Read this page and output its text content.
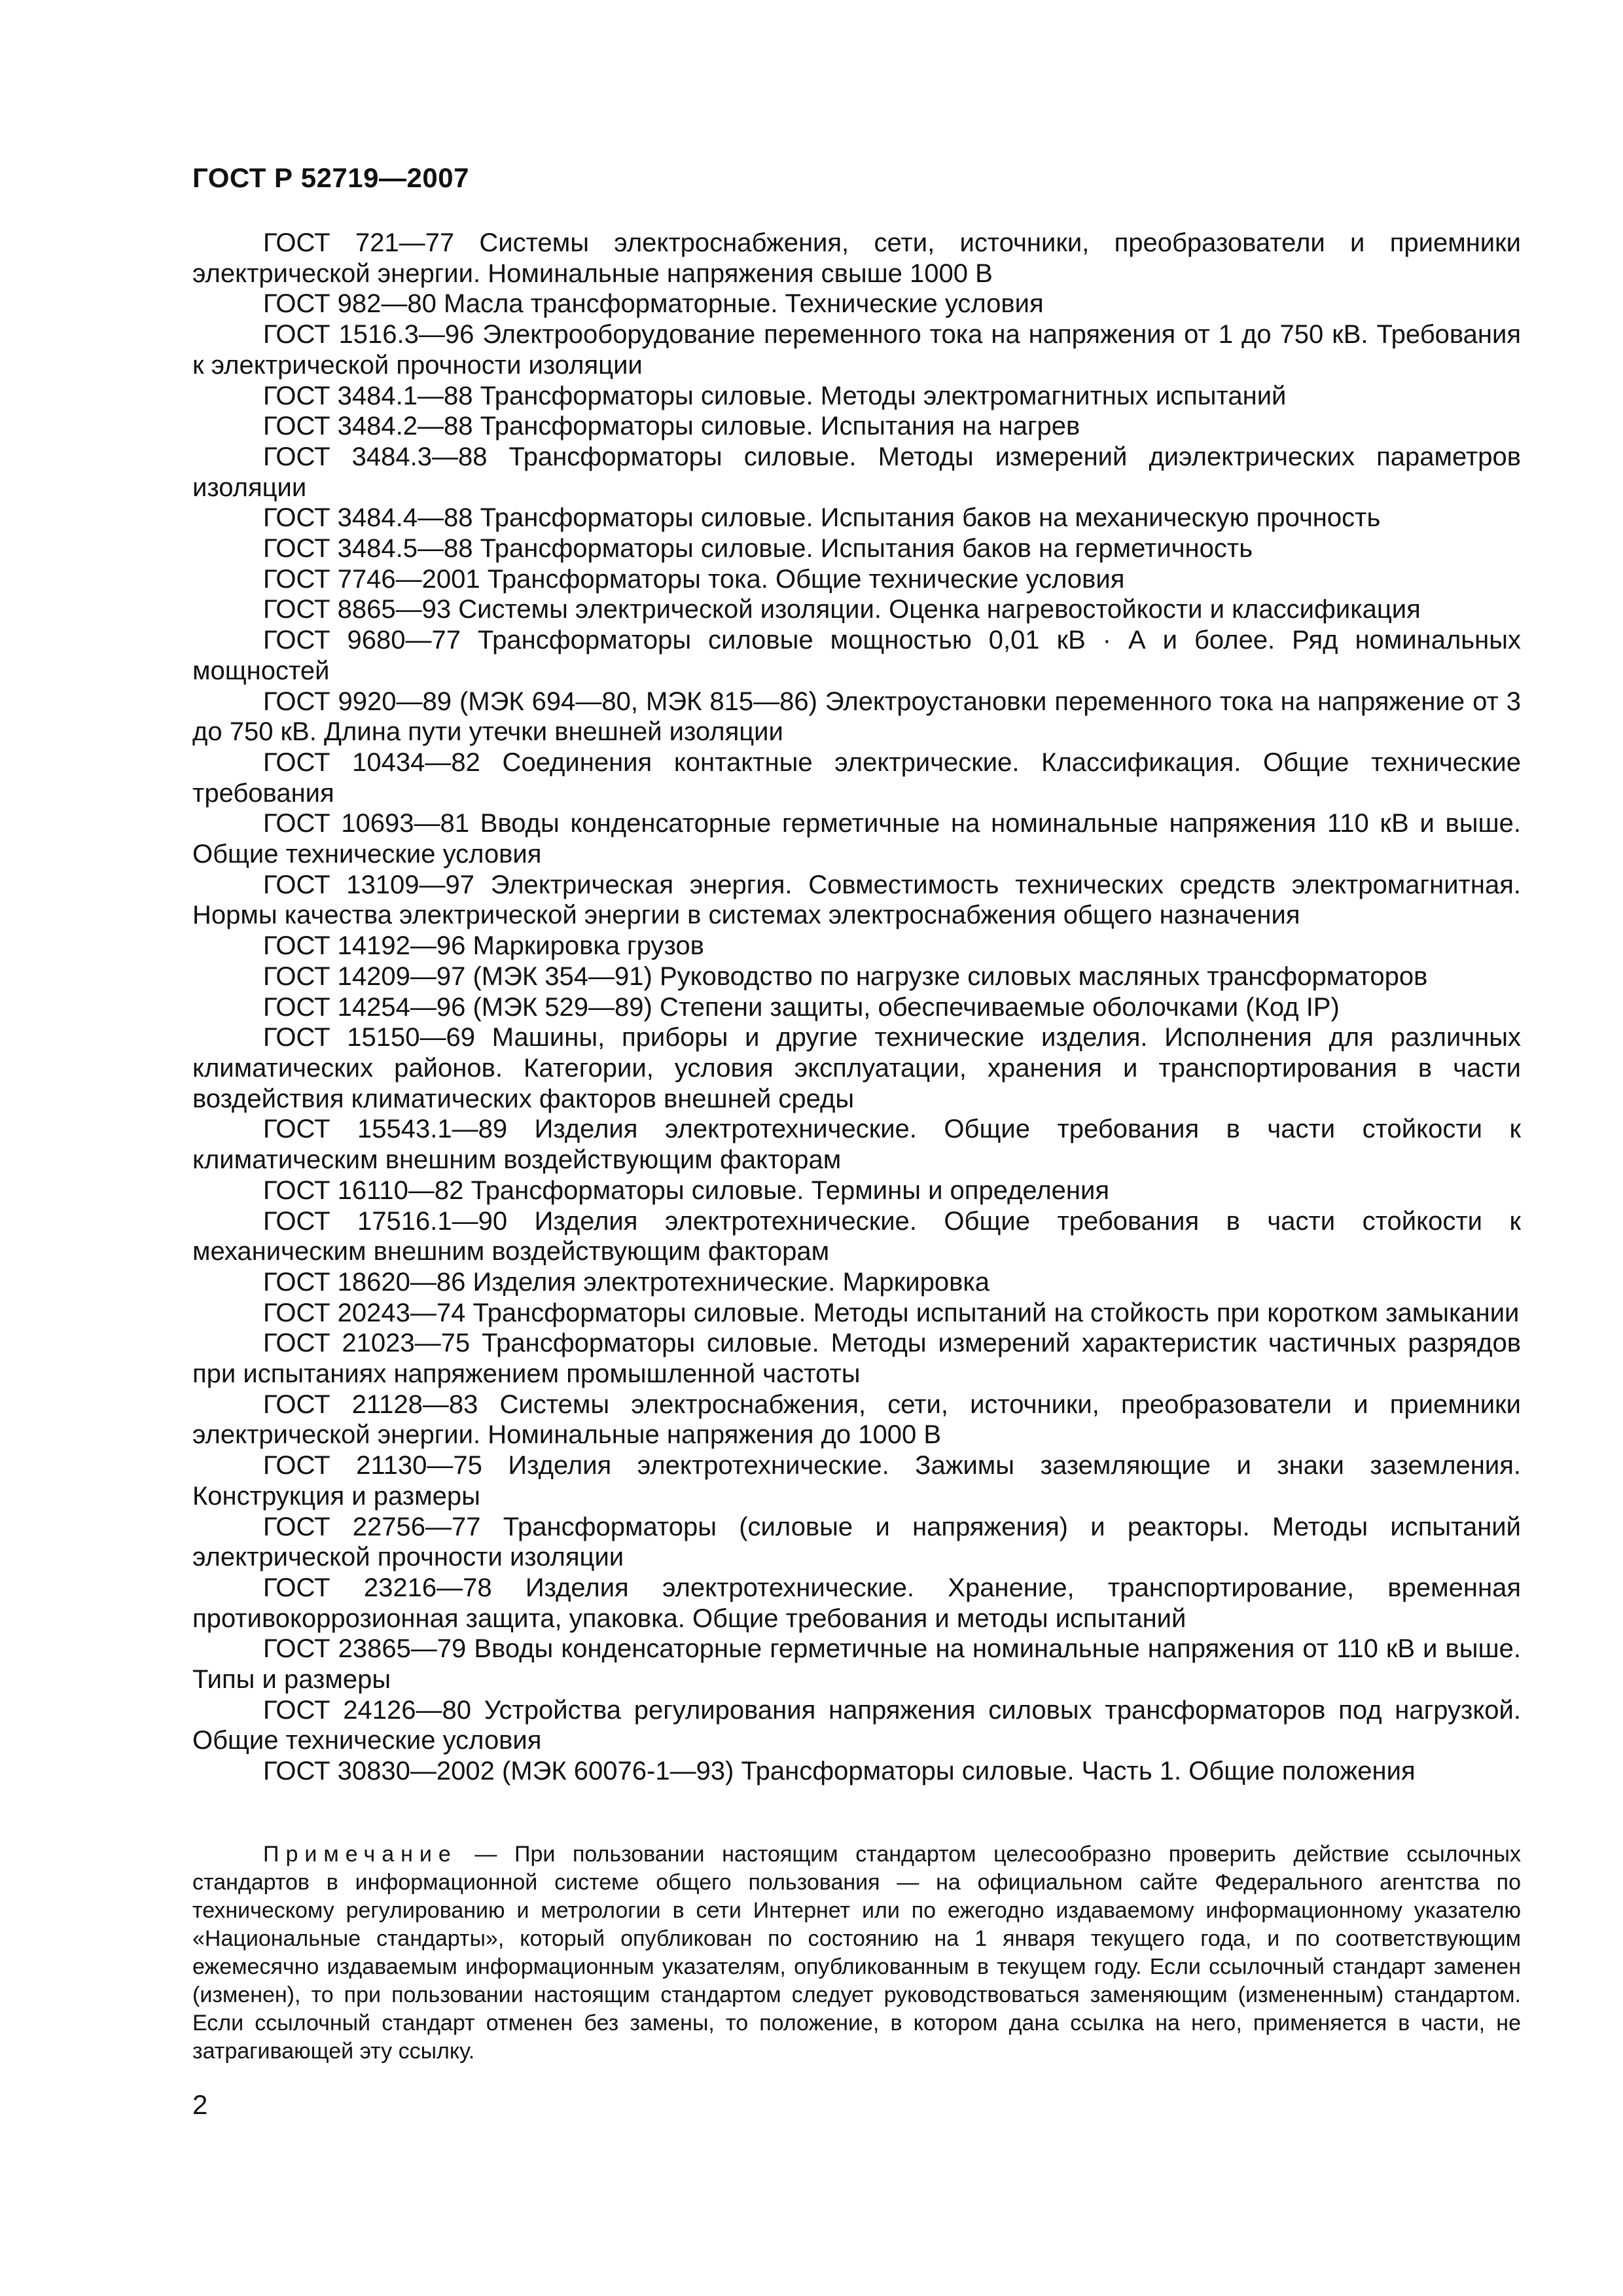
ГОСТ Р 52719—2007

ГОСТ 721—77 Системы электроснабжения, сети, источники, преобразователи и приемники электрической энергии. Номинальные напряжения свыше 1000 В

ГОСТ 982—80 Масла трансформаторные. Технические условия

ГОСТ 1516.3—96 Электрооборудование переменного тока на напряжения от 1 до 750 кВ. Требования к электрической прочности изоляции

ГОСТ 3484.1—88 Трансформаторы силовые. Методы электромагнитных испытаний

ГОСТ 3484.2—88 Трансформаторы силовые. Испытания на нагрев

ГОСТ 3484.3—88 Трансформаторы силовые. Методы измерений диэлектрических параметров изоляции

ГОСТ 3484.4—88 Трансформаторы силовые. Испытания баков на механическую прочность

ГОСТ 3484.5—88 Трансформаторы силовые. Испытания баков на герметичность

ГОСТ 7746—2001 Трансформаторы тока. Общие технические условия

ГОСТ 8865—93 Системы электрической изоляции. Оценка нагревостойкости и классификация

ГОСТ 9680—77 Трансформаторы силовые мощностью 0,01 кВ · А и более. Ряд номинальных мощностей

ГОСТ 9920—89 (МЭК 694—80, МЭК 815—86) Электроустановки переменного тока на напряжение от 3 до 750 кВ. Длина пути утечки внешней изоляции

ГОСТ 10434—82 Соединения контактные электрические. Классификация. Общие технические требования

ГОСТ 10693—81 Вводы конденсаторные герметичные на номинальные напряжения 110 кВ и выше. Общие технические условия

ГОСТ 13109—97 Электрическая энергия. Совместимость технических средств электромагнитная. Нормы качества электрической энергии в системах электроснабжения общего назначения

ГОСТ 14192—96 Маркировка грузов

ГОСТ 14209—97 (МЭК 354—91) Руководство по нагрузке силовых масляных трансформаторов

ГОСТ 14254—96 (МЭК 529—89) Степени защиты, обеспечиваемые оболочками (Код IP)

ГОСТ 15150—69 Машины, приборы и другие технические изделия. Исполнения для различных климатических районов. Категории, условия эксплуатации, хранения и транспортирования в части воздействия климатических факторов внешней среды

ГОСТ 15543.1—89 Изделия электротехнические. Общие требования в части стойкости к климатическим внешним воздействующим факторам

ГОСТ 16110—82 Трансформаторы силовые. Термины и определения

ГОСТ 17516.1—90 Изделия электротехнические. Общие требования в части стойкости к механическим внешним воздействующим факторам

ГОСТ 18620—86 Изделия электротехнические. Маркировка

ГОСТ 20243—74 Трансформаторы силовые. Методы испытаний на стойкость при коротком замыкании

ГОСТ 21023—75 Трансформаторы силовые. Методы измерений характеристик частичных разрядов при испытаниях напряжением промышленной частоты

ГОСТ 21128—83 Системы электроснабжения, сети, источники, преобразователи и приемники электрической энергии. Номинальные напряжения до 1000 В

ГОСТ 21130—75 Изделия электротехнические. Зажимы заземляющие и знаки заземления. Конструкция и размеры

ГОСТ 22756—77 Трансформаторы (силовые и напряжения) и реакторы. Методы испытаний электрической прочности изоляции

ГОСТ 23216—78 Изделия электротехнические. Хранение, транспортирование, временная противокоррозионная защита, упаковка. Общие требования и методы испытаний

ГОСТ 23865—79 Вводы конденсаторные герметичные на номинальные напряжения от 110 кВ и выше. Типы и размеры

ГОСТ 24126—80 Устройства регулирования напряжения силовых трансформаторов под нагрузкой. Общие технические условия

ГОСТ 30830—2002 (МЭК 60076-1—93) Трансформаторы силовые. Часть 1. Общие положения

Примечание — При пользовании настоящим стандартом целесообразно проверить действие ссылочных стандартов в информационной системе общего пользования — на официальном сайте Федерального агентства по техническому регулированию и метрологии в сети Интернет или по ежегодно издаваемому информационному указателю «Национальные стандарты», который опубликован по состоянию на 1 января текущего года, и по соответствующим ежемесячно издаваемым информационным указателям, опубликованным в текущем году. Если ссылочный стандарт заменен (изменен), то при пользовании настоящим стандартом следует руководствоваться заменяющим (измененным) стандартом. Если ссылочный стандарт отменен без замены, то положение, в котором дана ссылка на него, применяется в части, не затрагивающей эту ссылку.

2
